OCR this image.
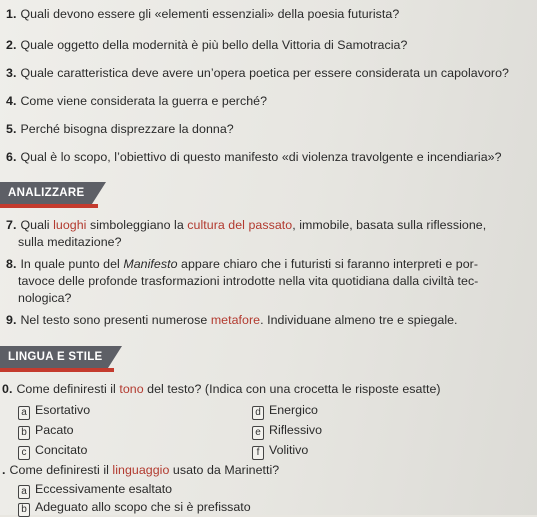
1. Quali devono essere gli «elementi essenziali» della poesia futurista?
2. Quale oggetto della modernità è più bello della Vittoria di Samotracia?
3. Quale caratteristica deve avere un’opera poetica per essere considerata un capolavoro?
4. Come viene considerata la guerra e perché?
5. Perché bisogna disprezzare la donna?
6. Qual è lo scopo, l’obiettivo di questo manifesto «di violenza travolgente e incendiaria»?
ANALIZZARE
7. Quali luoghi simboleggiano la cultura del passato, immobile, basata sulla riflessione,
sulla meditazione?
8. In quale punto del Manifesto appare chiaro che i futuristi si faranno interpreti e por-
tavoce delle profonde trasformazioni introdotte nella vita quotidiana dalla civiltà tec-
nologica?
9. Nel testo sono presenti numerose metafore. Individuane almeno tre e spiegale.
LINGUA E STILE
0. Come definiresti il tono del testo? (Indica con una crocetta le risposte esatte)
a Esortativo
b Pacato
c Concitato
d Energico
e Riflessivo
f Volitivo
. Come definiresti il linguaggio usato da Marinetti?
a Eccessivamente esaltato
b Adeguato allo scopo che si è prefissato
